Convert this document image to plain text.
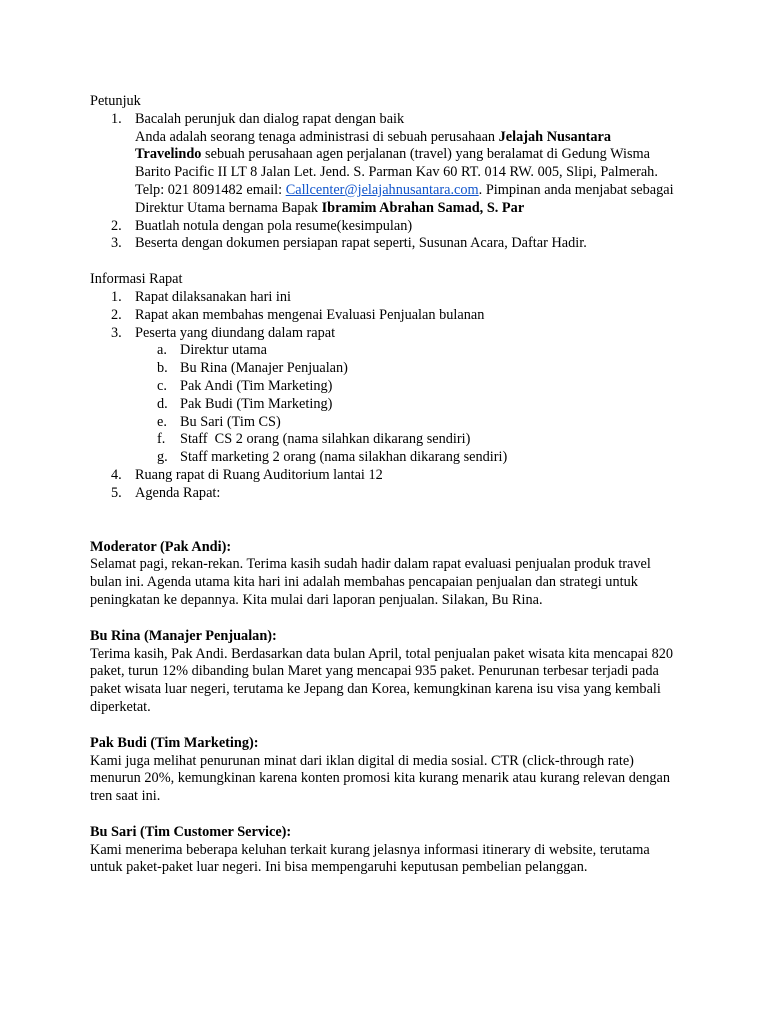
Petunjuk

1. Bacalah perunjuk dan dialog rapat dengan baik
Anda adalah seorang tenaga administrasi di sebuah perusahaan Jelajah Nusantara Travelindo sebuah perusahaan agen perjalanan (travel) yang beralamat di Gedung Wisma Barito Pacific II LT 8 Jalan Let. Jend. S. Parman Kav 60 RT. 014 RW. 005, Slipi, Palmerah. Telp: 021 8091482 email: Callcenter@jelajahnusantara.com. Pimpinan anda menjabat sebagai Direktur Utama bernama Bapak Ibramim Abrahan Samad, S. Par
2. Buatlah notula dengan pola resume(kesimpulan)
3. Beserta dengan dokumen persiapan rapat seperti, Susunan Acara, Daftar Hadir.

Informasi Rapat

1. Rapat dilaksanakan hari ini
2. Rapat akan membahas mengenai Evaluasi Penjualan bulanan
3. Peserta yang diundang dalam rapat
a. Direktur utama
b. Bu Rina (Manajer Penjualan)
c. Pak Andi (Tim Marketing)
d. Pak Budi (Tim Marketing)
e. Bu Sari (Tim CS)
f. Staff  CS 2 orang (nama silahkan dikarang sendiri)
g. Staff marketing 2 orang (nama silakhan dikarang sendiri)
4. Ruang rapat di Ruang Auditorium lantai 12
5. Agenda Rapat:

Moderator (Pak Andi):

Selamat pagi, rekan-rekan. Terima kasih sudah hadir dalam rapat evaluasi penjualan produk travel bulan ini. Agenda utama kita hari ini adalah membahas pencapaian penjualan dan strategi untuk peningkatan ke depannya. Kita mulai dari laporan penjualan. Silakan, Bu Rina.

Bu Rina (Manajer Penjualan):

Terima kasih, Pak Andi. Berdasarkan data bulan April, total penjualan paket wisata kita mencapai 820 paket, turun 12% dibanding bulan Maret yang mencapai 935 paket. Penurunan terbesar terjadi pada paket wisata luar negeri, terutama ke Jepang dan Korea, kemungkinan karena isu visa yang kembali diperketat.

Pak Budi (Tim Marketing):

Kami juga melihat penurunan minat dari iklan digital di media sosial. CTR (click-through rate) menurun 20%, kemungkinan karena konten promosi kita kurang menarik atau kurang relevan dengan tren saat ini.

Bu Sari (Tim Customer Service):

Kami menerima beberapa keluhan terkait kurang jelasnya informasi itinerary di website, terutama untuk paket-paket luar negeri. Ini bisa mempengaruhi keputusan pembelian pelanggan.
